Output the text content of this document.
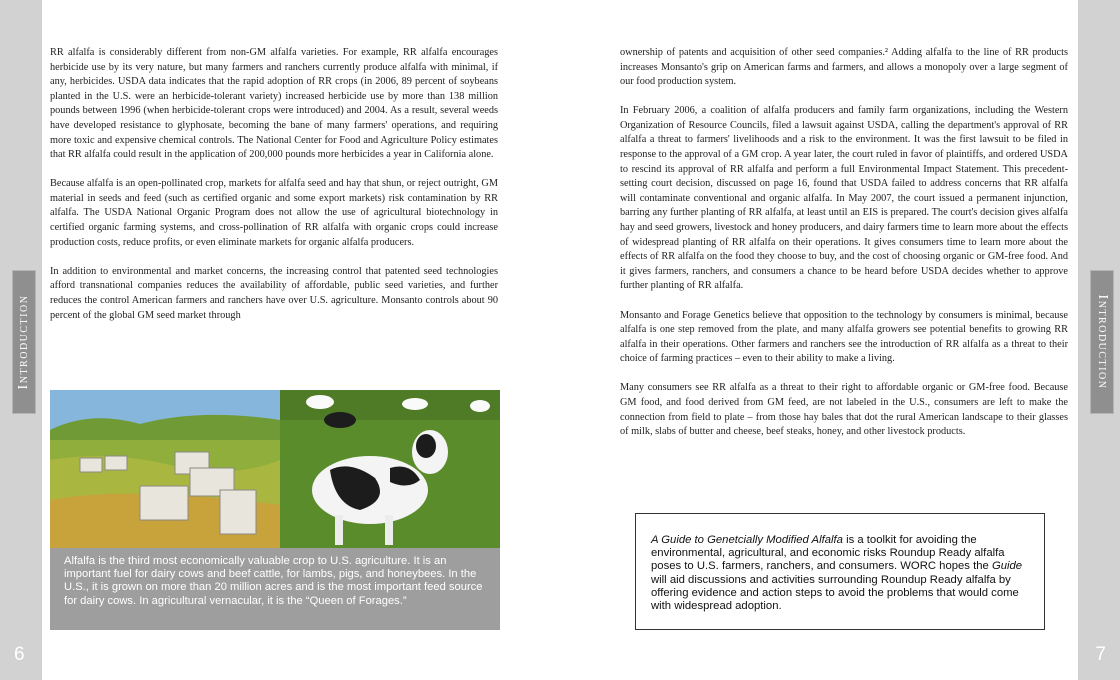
Introduction	Introduction
6	7

RR alfalfa is considerably different from non-GM alfalfa varieties. For example, RR alfalfa encourages herbicide use by its very nature, but many farmers and ranchers currently produce alfalfa with minimal, if any, herbicides. USDA data indicates that the rapid adoption of RR crops (in 2006, 89 percent of soybeans planted in the U.S. were an herbicide-tolerant variety) increased herbicide use by more than 138 million pounds between 1996 (when herbicide-tolerant crops were introduced) and 2004. As a result, several weeds have developed resistance to glyphosate, becoming the bane of many farmers' operations, and requiring more toxic and expensive chemical controls. The National Center for Food and Agriculture Policy estimates that RR alfalfa could result in the application of 200,000 pounds more herbicides a year in California alone.

Because alfalfa is an open-pollinated crop, markets for alfalfa seed and hay that shun, or reject outright, GM material in seeds and feed (such as certified organic and some export markets) risk contamination by RR alfalfa. The USDA National Organic Program does not allow the use of agricultural biotechnology in certified organic farming systems, and cross-pollination of RR alfalfa with organic crops could increase production costs, reduce profits, or even eliminate markets for organic alfalfa producers.

In addition to environmental and market concerns, the increasing control that patented seed technologies afford transnational companies reduces the availability of affordable, public seed varieties, and further reduces the control American farmers and ranchers have over U.S. agriculture. Monsanto controls about 90 percent of the global GM seed market through

Alfalfa is the third most economically valuable crop to U.S. agriculture. It is an important fuel for dairy cows and beef cattle, for lambs, pigs, and honeybees. In the U.S., it is grown on more than 20 million acres and is the most important feed source for dairy cows. In agricultural vernacular, it is the “Queen of Forages.”

ownership of patents and acquisition of other seed companies.² Adding alfalfa to the line of RR products increases Monsanto's grip on American farms and farmers, and allows a monopoly over a large segment of our food production system.

In February 2006, a coalition of alfalfa producers and family farm organizations, including the Western Organization of Resource Councils, filed a lawsuit against USDA, calling the department's approval of RR alfalfa a threat to farmers' livelihoods and a risk to the environment. It was the first lawsuit to be filed in response to the approval of a GM crop. A year later, the court ruled in favor of plaintiffs, and ordered USDA to rescind its approval of RR alfalfa and perform a full Environmental Impact Statement. This precedent-setting court decision, discussed on page 16, found that USDA failed to address concerns that RR alfalfa will contaminate conventional and organic alfalfa. In May 2007, the court issued a permanent injunction, barring any further planting of RR alfalfa, at least until an EIS is prepared. The court's decision gives alfalfa hay and seed growers, livestock and honey producers, and dairy farmers time to learn more about the effects of widespread planting of RR alfalfa on their operations. It gives consumers time to learn more about the effects of RR alfalfa on the food they choose to buy, and the cost of choosing organic or GM-free food. And it gives farmers, ranchers, and consumers a chance to be heard before USDA decides whether to approve further planting of RR alfalfa.

Monsanto and Forage Genetics believe that opposition to the technology by consumers is minimal, because alfalfa is one step removed from the plate, and many alfalfa growers see potential benefits to growing RR alfalfa in their operations. Other farmers and ranchers see the introduction of RR alfalfa as a threat to their choice of farming practices – even to their ability to make a living.

Many consumers see RR alfalfa as a threat to their right to affordable organic or GM-free food. Because GM food, and food derived from GM feed, are not labeled in the U.S., consumers are left to make the connection from field to plate – from those hay bales that dot the rural American landscape to their glasses of milk, slabs of butter and cheese, beef steaks, honey, and other livestock products.

A Guide to Genetcially Modified Alfalfa is a toolkit for avoiding the environmental, agricultural, and economic risks Roundup Ready alfalfa poses to U.S. farmers, ranchers, and consumers. WORC hopes the Guide will aid discussions and activities surrounding Roundup Ready alfalfa by offering evidence and action steps to avoid the problems that would come with widespread adoption.
